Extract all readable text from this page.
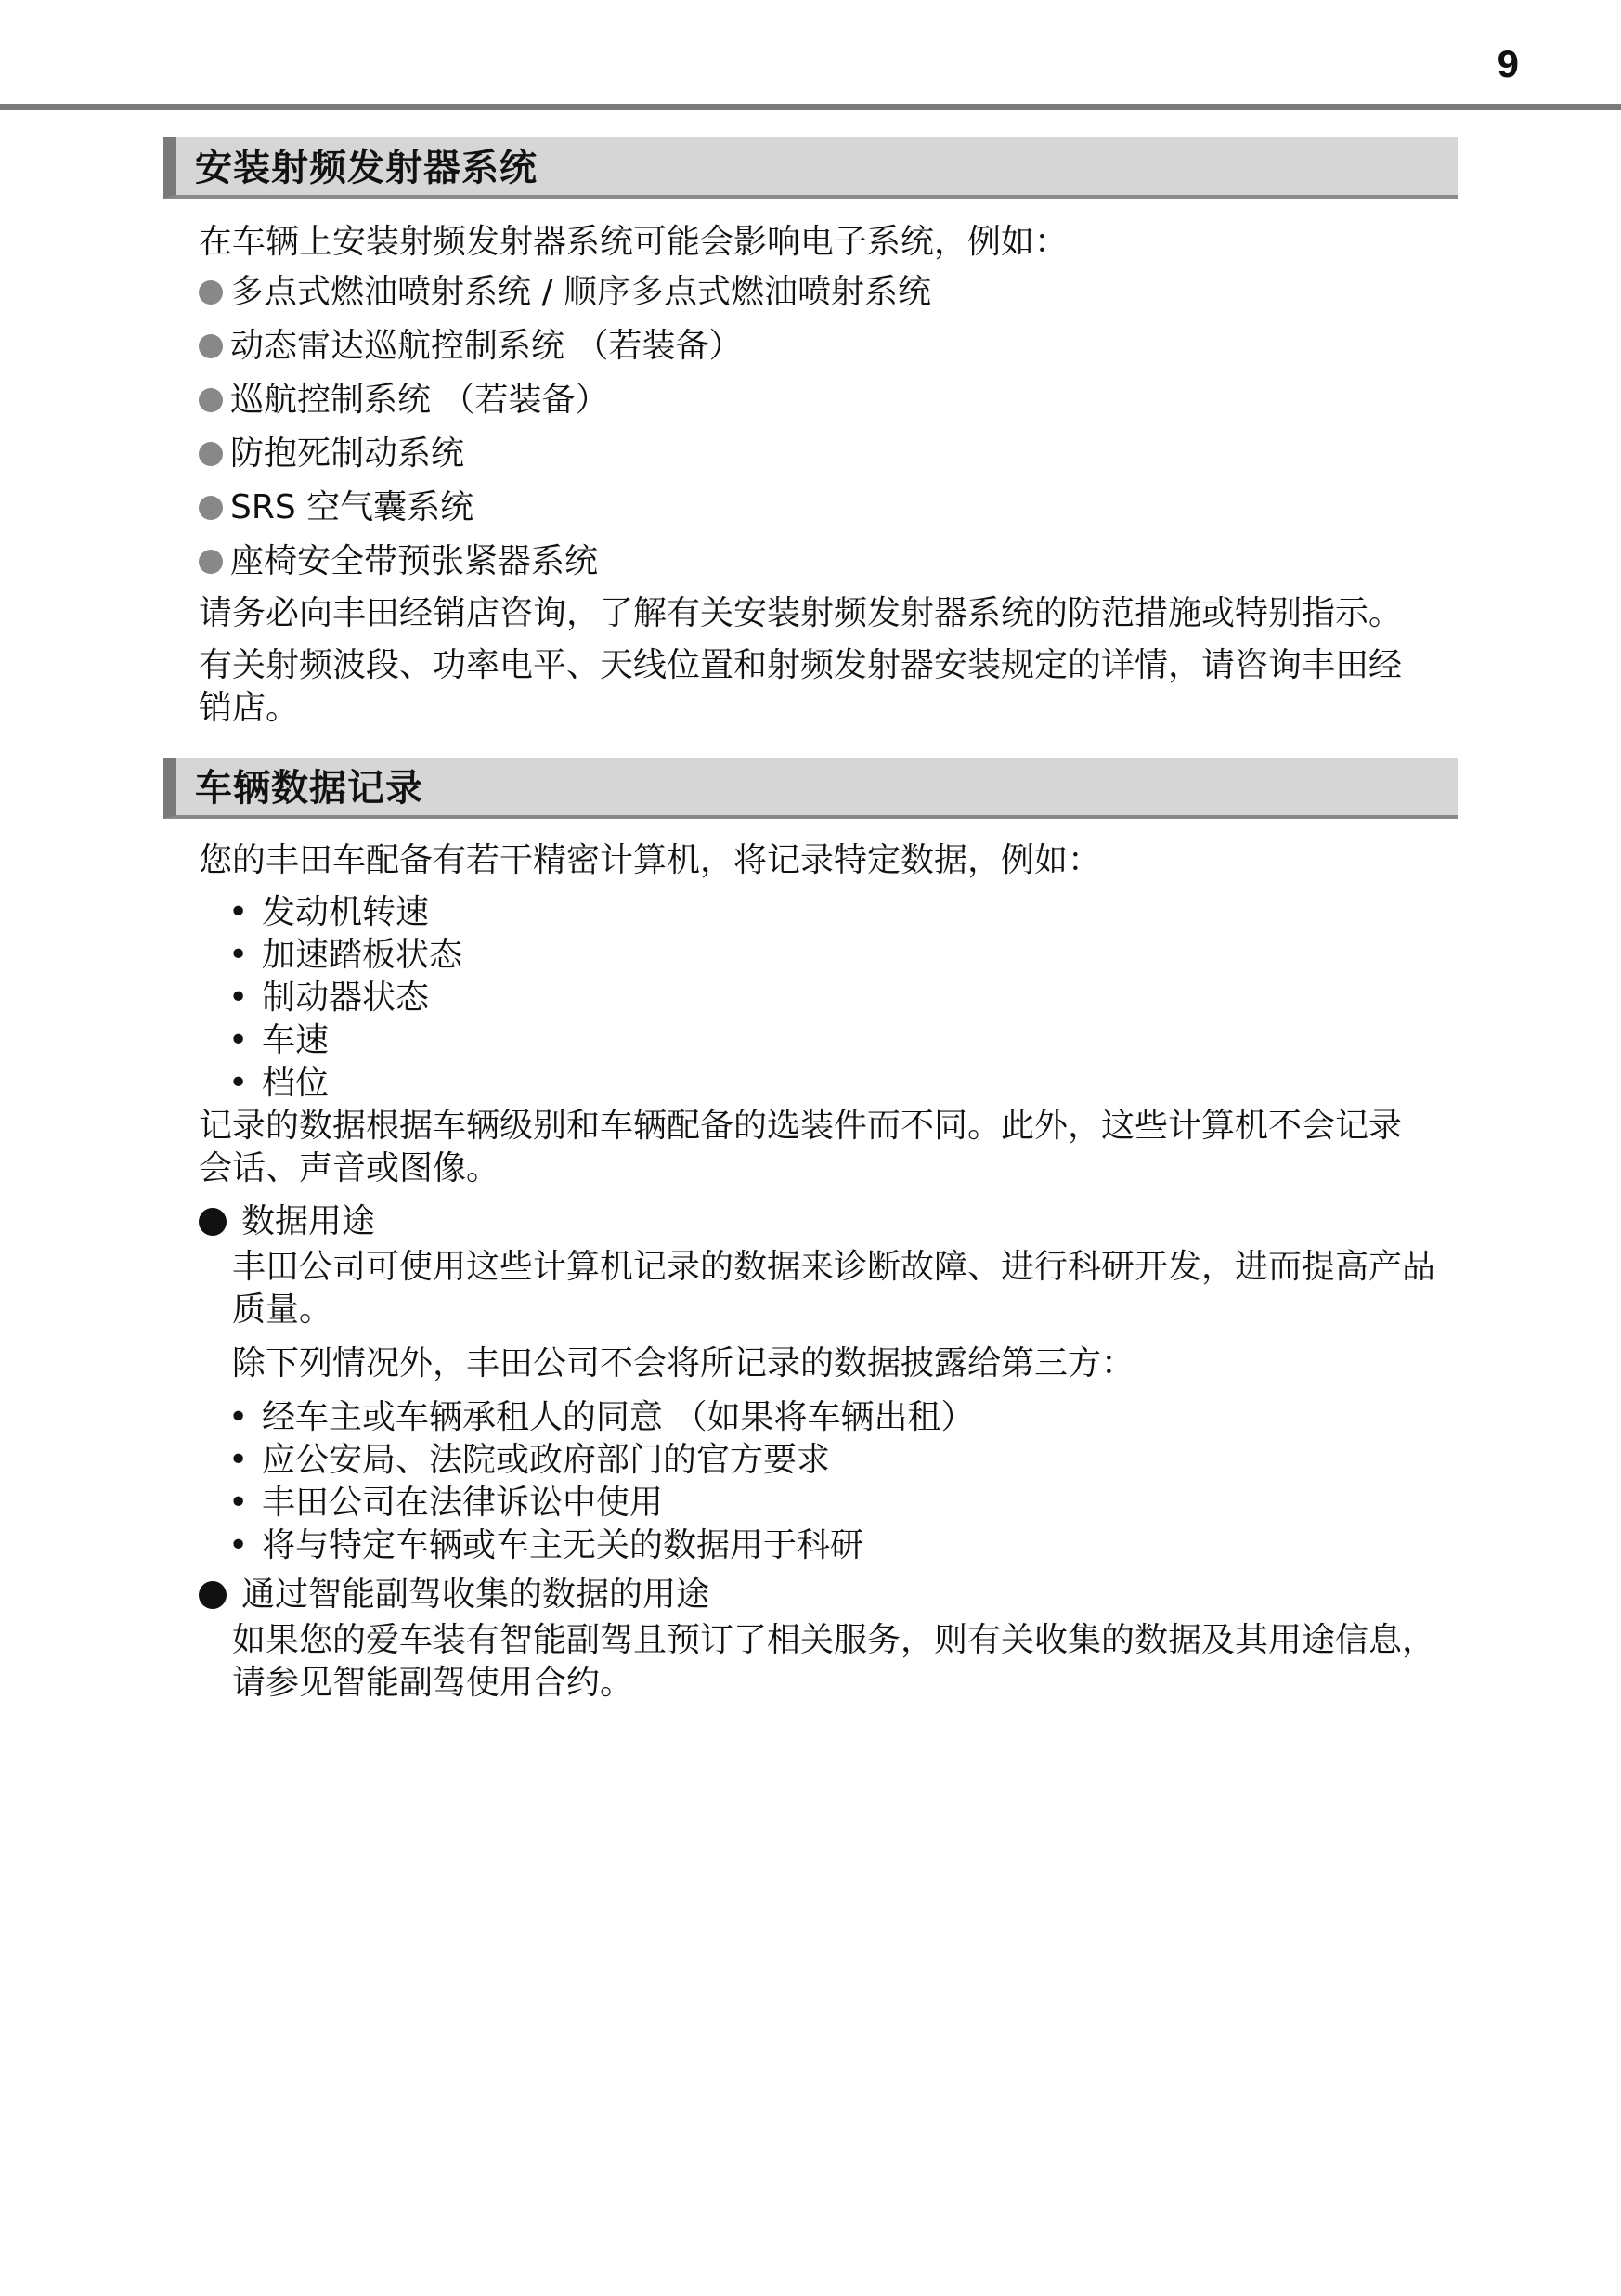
9
安装射频发射器系统
在车辆上安装射频发射器系统可能会影响电子系统，例如：
多点式燃油喷射系统 / 顺序多点式燃油喷射系统
动态雷达巡航控制系统 （若装备）
巡航控制系统 （若装备）
防抱死制动系统
SRS 空气囊系统
座椅安全带预张紧器系统
请务必向丰田经销店咨询，了解有关安装射频发射器系统的防范措施或特别指示。
有关射频波段、功率电平、天线位置和射频发射器安装规定的详情，请咨询丰田经销店。
车辆数据记录
您的丰田车配备有若干精密计算机，将记录特定数据，例如：
• 发动机转速
• 加速踏板状态
• 制动器状态
• 车速
• 档位
记录的数据根据车辆级别和车辆配备的选装件而不同。此外，这些计算机不会记录会话、声音或图像。
数据用途
丰田公司可使用这些计算机记录的数据来诊断故障、进行科研开发，进而提高产品质量。
除下列情况外，丰田公司不会将所记录的数据披露给第三方：
• 经车主或车辆承租人的同意 （如果将车辆出租）
• 应公安局、法院或政府部门的官方要求
• 丰田公司在法律诉讼中使用
• 将与特定车辆或车主无关的数据用于科研
通过智能副驾收集的数据的用途
如果您的爱车装有智能副驾且预订了相关服务，则有关收集的数据及其用途信息，请参见智能副驾使用合约。
